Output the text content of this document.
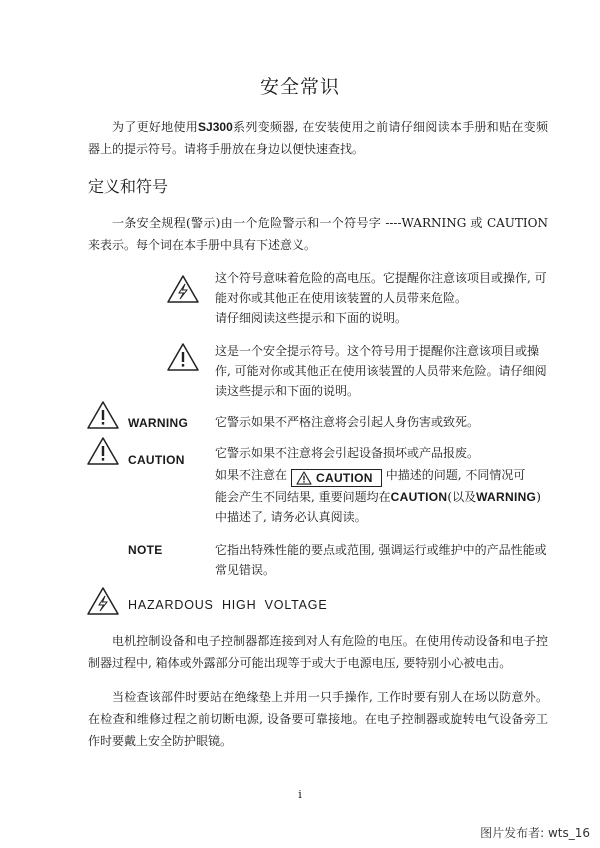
安全常识
为了更好地使用SJ300系列变频器, 在安装使用之前请仔细阅读本手册和贴在变频器上的提示符号。请将手册放在身边以便快速查找。
定义和符号
一条安全规程(警示)由一个危险警示和一个符号字 ----WARNING 或 CAUTION 来表示。每个词在本手册中具有下述意义。
这个符号意味着危险的高电压。它提醒你注意该项目或操作, 可
能对你或其他正在使用该装置的人员带来危险。
请仔细阅读这些提示和下面的说明。
这是一个安全提示符号。这个符号用于提醒你注意该项目或操
作, 可能对你或其他正在使用该装置的人员带来危险。请仔细阅
读这些提示和下面的说明。
WARNING 它警示如果不严格注意将会引起人身伤害或致死。
CAUTION	它警示如果不注意将会引起设备损坏或产品报废。
如果不注意在 CAUTION 中描述的问题, 不同情况可
能会产生不同结果, 重要问题均在CAUTION(以及WARNING)
中描述了, 请务必认真阅读。
NOTE	它指出特殊性能的要点或范围, 强调运行或维护中的产品性能或
常见错误。
HAZARDOUS HIGH VOLTAGE
电机控制设备和电子控制器都连接到对人有危险的电压。在使用传动设备和电子控制器过程中, 箱体或外露部分可能出现等于或大于电源电压, 要特别小心被电击。
当检查该部件时要站在绝缘垫上并用一只手操作, 工作时要有别人在场以防意外。在检查和维修过程之前切断电源, 设备要可靠接地。在电子控制器或旋转电气设备旁工作时要戴上安全防护眼镜。
i
图片发布者: wts_16
